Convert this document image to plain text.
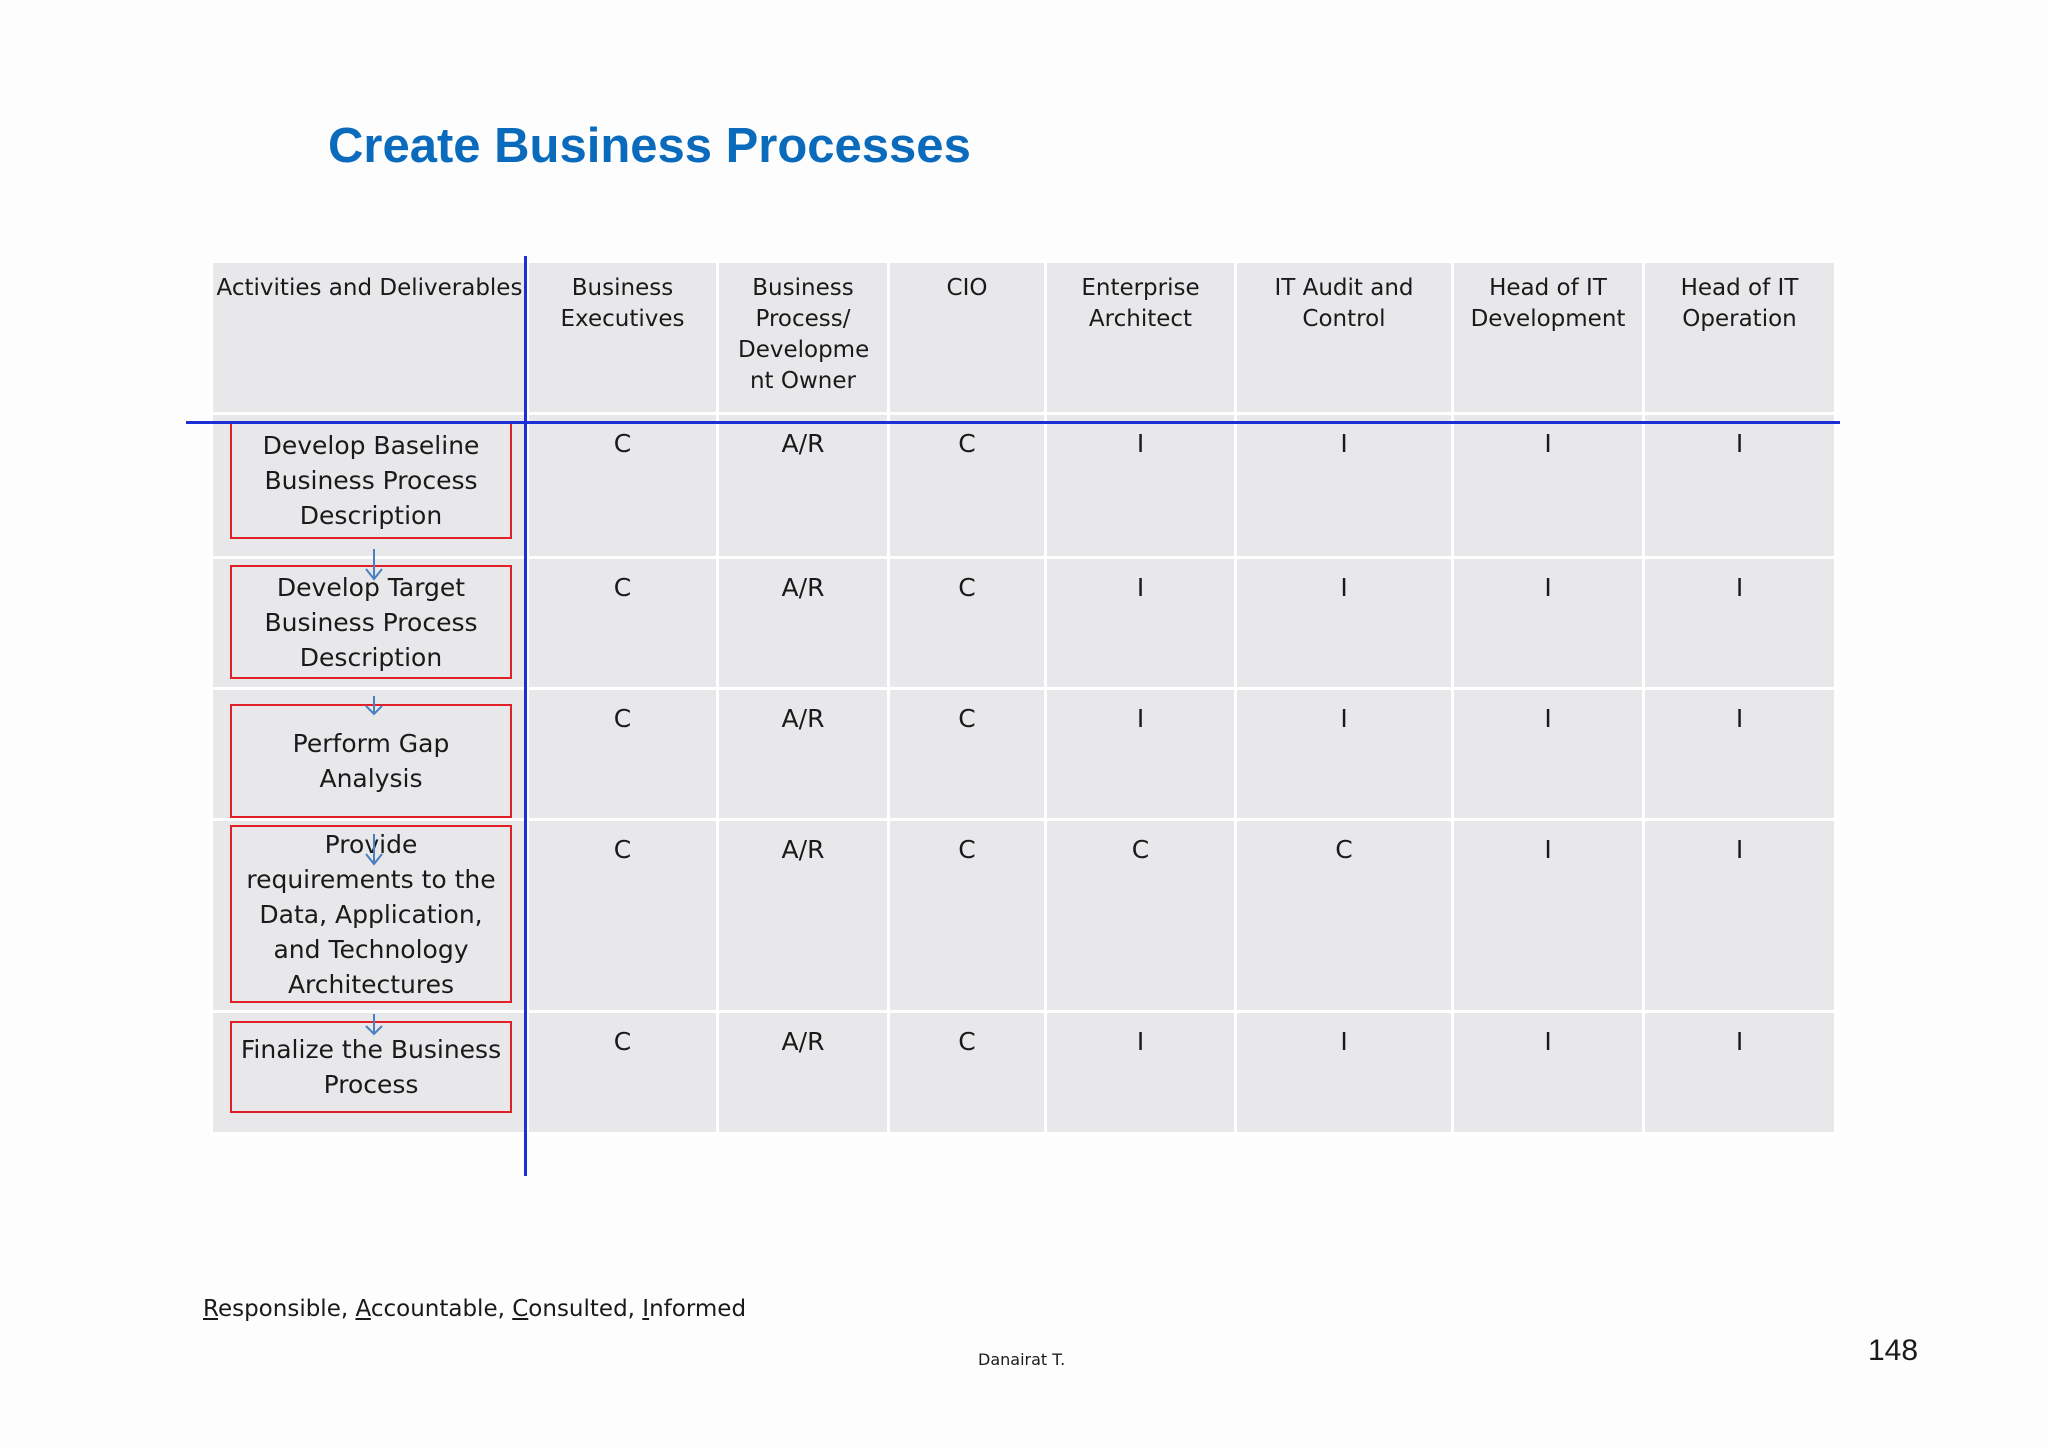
Create Business Processes
Activities and Deliverables	Business Executives	Business Process/ Developme nt Owner	CIO	Enterprise Architect	IT Audit and Control	Head of IT Development	Head of IT Operation

Develop Baseline Business Process Description	C	A/R	C	I	I	I	I

Develop Target Business Process Description	C	A/R	C	I	I	I	I

Perform Gap Analysis	C	A/R	C	I	I	I	I

Provide requirements to the Data, Application, and Technology Architectures	C	A/R	C	C	C	I	I

Finalize the Business Process	C	A/R	C	I	I	I	I
Responsible, Accountable, Consulted, Informed
Danairat T.	148
